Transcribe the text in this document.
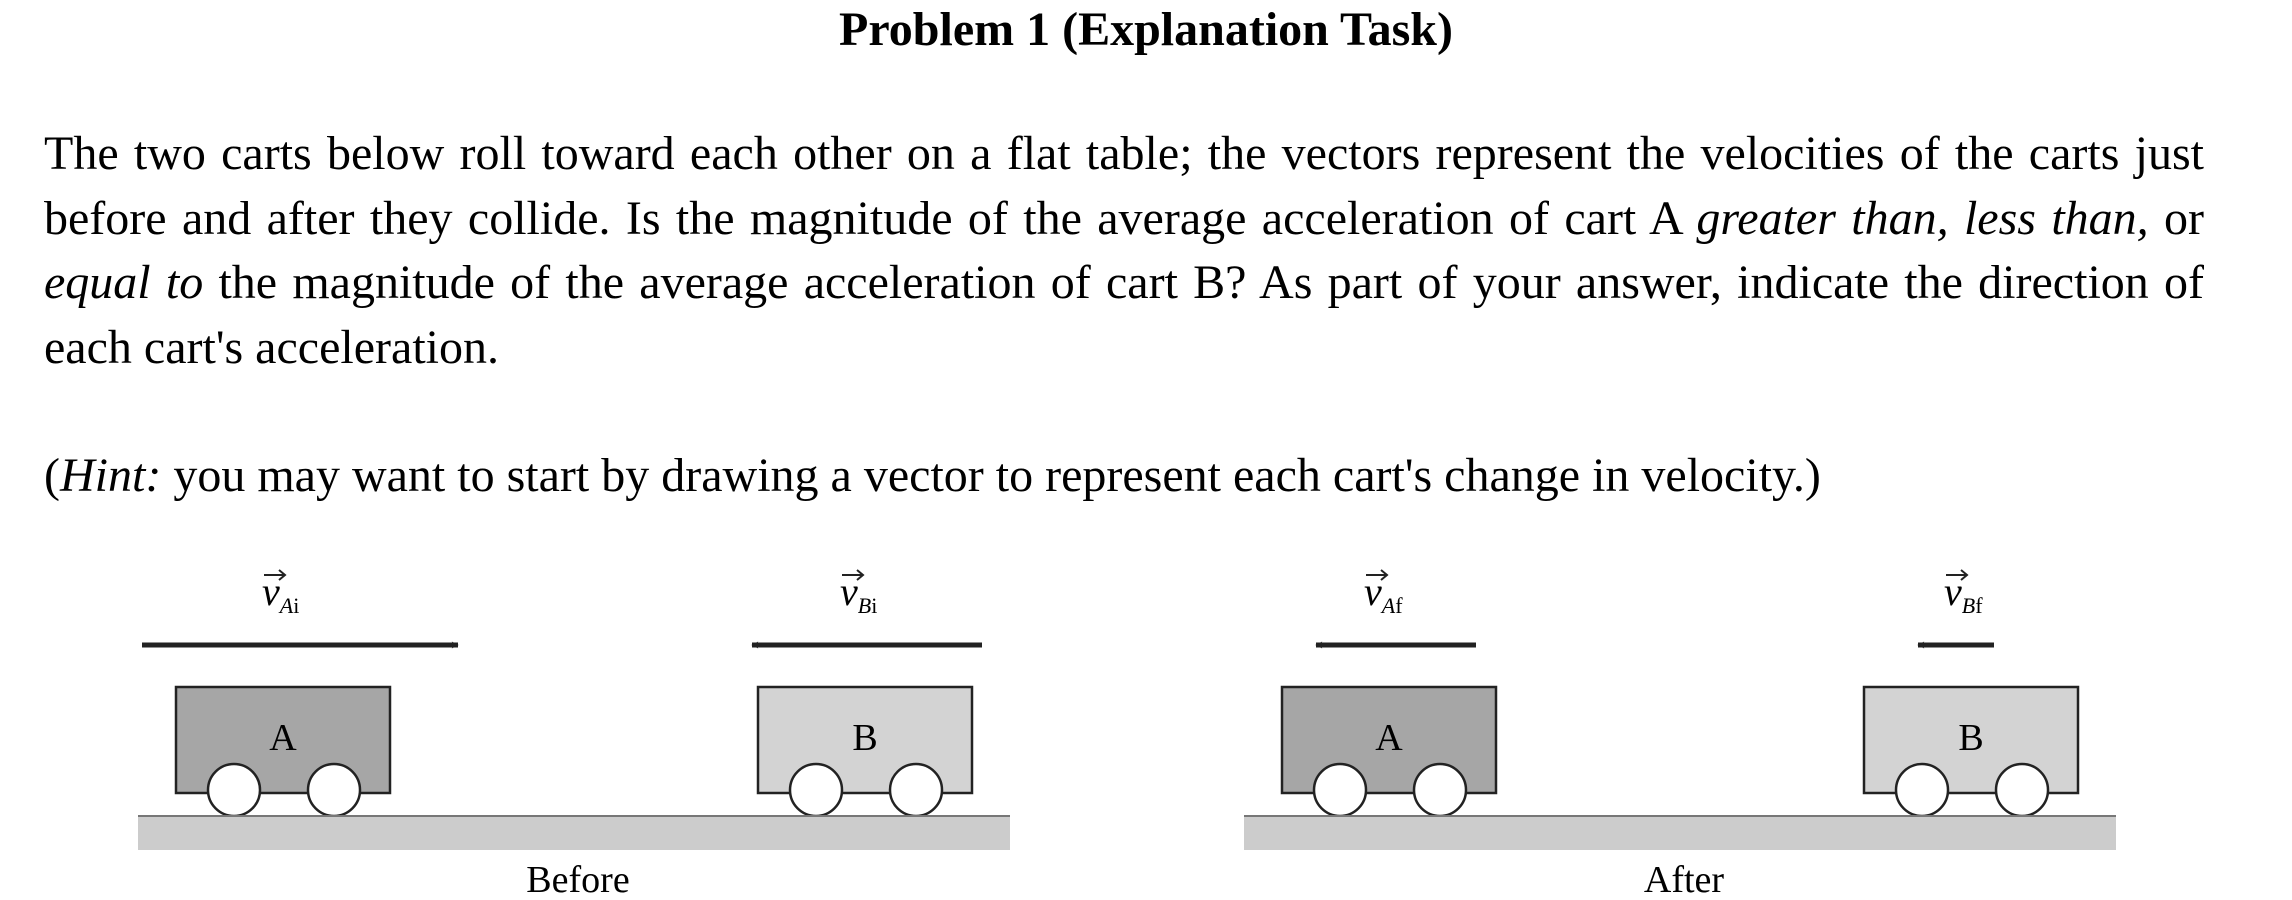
Problem 1 (Explanation Task)

The two carts below roll toward each other on a flat table; the vectors represent the velocities of the carts just before and after they collide. Is the magnitude of the average acceleration of cart A greater than, less than, or equal to the magnitude of the average acceleration of cart B? As part of your answer, indicate the direction of each cart's acceleration.

(Hint: you may want to start by drawing a vector to represent each cart's change in velocity.)

$v_Ai$	$v_Bi$
A	B
Before
$v_Af$	$v_Bf$
A	B
After
